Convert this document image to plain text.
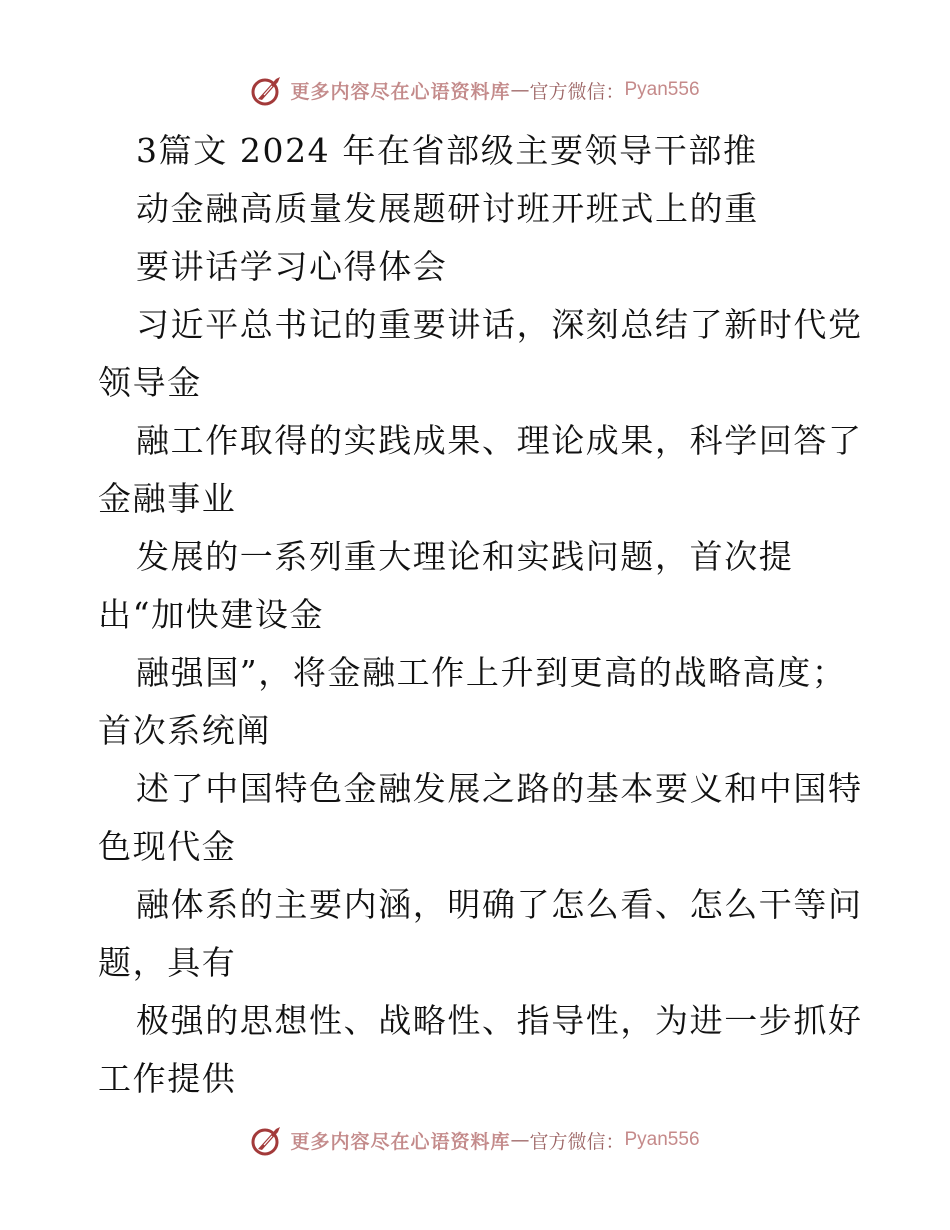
更多内容尽在心语资料库 — 官方微信： Pyan556
3篇文 2024 年在省部级主要领导干部推
动金融高质量发展题研讨班开班式上的重
要讲话学习心得体会
习近平总书记的重要讲话，深刻总结了新时代党
领导金
融工作取得的实践成果、理论成果，科学回答了
金融事业
发展的一系列重大理论和实践问题，首次提
出“加快建设金
融强国”，将金融工作上升到更高的战略高度；
首次系统阐
述了中国特色金融发展之路的基本要义和中国特
色现代金
融体系的主要内涵，明确了怎么看、怎么干等问
题，具有
极强的思想性、战略性、指导性，为进一步抓好
工作提供
更多内容尽在心语资料库 — 官方微信： Pyan556
